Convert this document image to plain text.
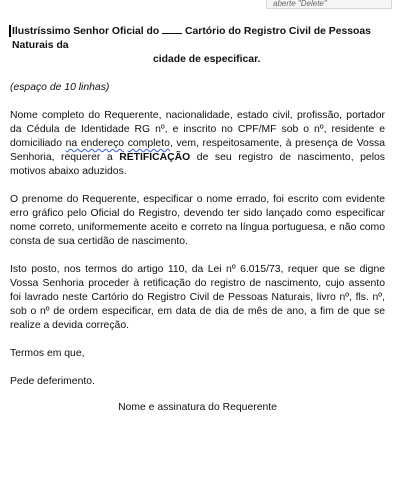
aberte "Delete"
Ilustríssimo Senhor Oficial do Cartório do Registro Civil de Pessoas Naturais da
cidade de especificar.
(espaço de 10 linhas)

Nome completo do Requerente, nacionalidade, estado civil, profissão, portador da Cédula de Identidade RG nº, e inscrito no CPF/MF sob o nº, residente e domiciliado na endereço completo, vem, respeitosamente, à presença de Vossa Senhoria, requerer a RETIFICAÇÃO de seu registro de nascimento, pelos motivos abaixo aduzidos.

O prenome do Requerente, especificar o nome errado, foi escrito com evidente erro gráfico pelo Oficial do Registro, devendo ter sido lançado como especificar nome correto, uniformemente aceito e correto na língua portuguesa, e não como consta de sua certidão de nascimento.

Isto posto, nos termos do artigo 110, da Lei nº 6.015/73, requer que se digne Vossa Senhoria proceder à retificação do registro de nascimento, cujo assento foi lavrado neste Cartório do Registro Civil de Pessoas Naturais, livro nº, fls. nº, sob o nº de ordem especificar, em data de dia de mês de ano, a fim de que se realize a devida correção.

Termos em que,

Pede deferimento.

Nome e assinatura do Requerente
